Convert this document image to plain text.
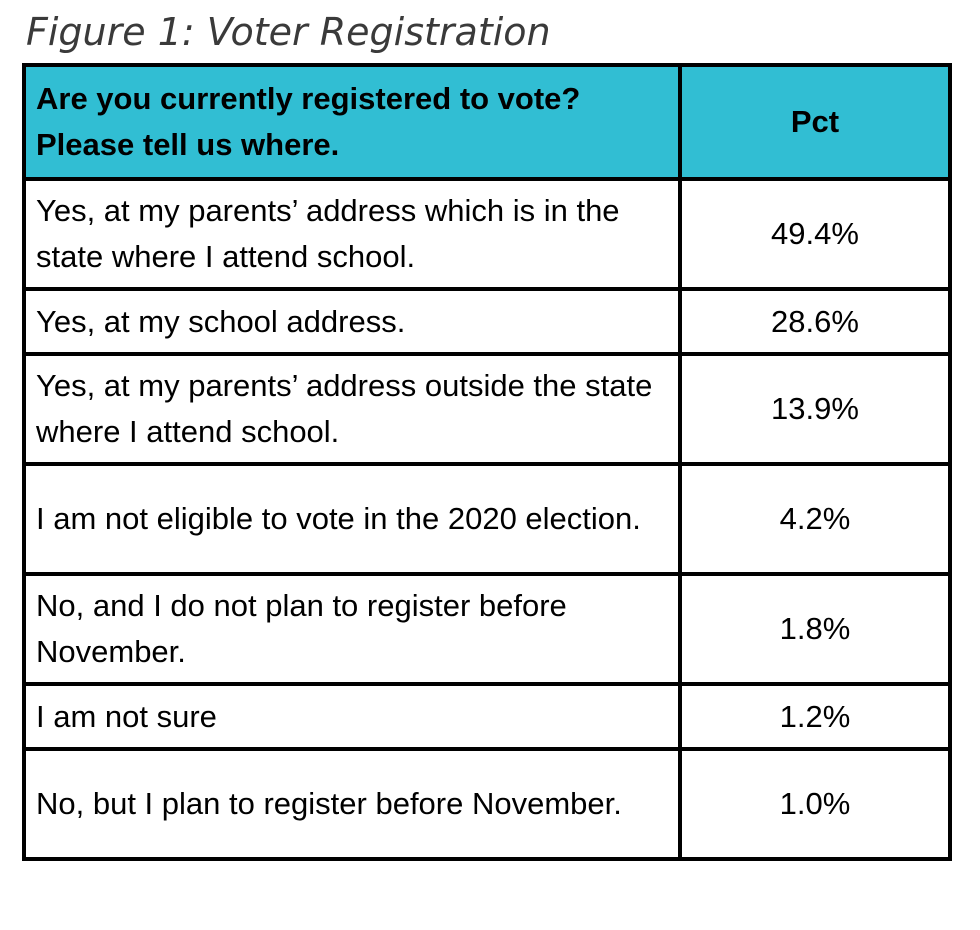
Figure 1: Voter Registration
Are you currently registered to vote? Please tell us where.	Pct
Yes, at my parents’ address which is in the state where I attend school.	49.4%
Yes, at my school address.	28.6%
Yes, at my parents’ address outside the state where I attend school.	13.9%
I am not eligible to vote in the 2020 election.	4.2%
No, and I do not plan to register before November.	1.8%
I am not sure	1.2%
No, but I plan to register before November.	1.0%
